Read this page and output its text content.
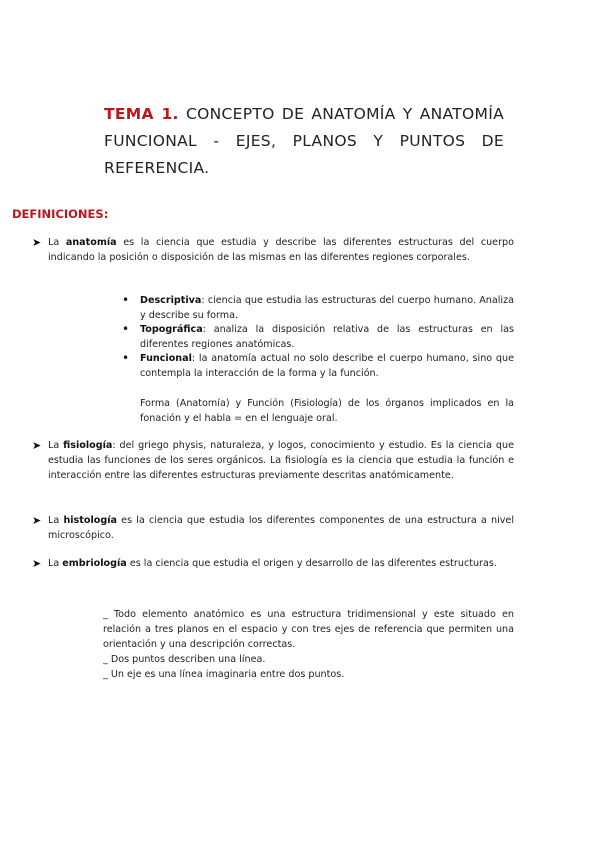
TEMA 1. CONCEPTO DE ANATOMÍA Y ANATOMÍA FUNCIONAL - EJES, PLANOS Y PUNTOS DE REFERENCIA.
DEFINICIONES:
➤ La anatomía es la ciencia que estudia y describe las diferentes estructuras del cuerpo indicando la posición o disposición de las mismas en las diferentes regiones corporales.
• Descriptiva: ciencia que estudia las estructuras del cuerpo humano. Analiza y describe su forma.
• Topográfica: analiza la disposición relativa de las estructuras en las diferentes regiones anatómicas.
• Funcional: la anatomía actual no solo describe el cuerpo humano, sino que contempla la interacción de la forma y la función.
Forma (Anatomía) y Función (Fisiología) de los órganos implicados en la fonación y el habla = en el lenguaje oral.
➤ La fisiología: del griego physis, naturaleza, y logos, conocimiento y estudio. Es la ciencia que estudia las funciones de los seres orgánicos. La fisiología es la ciencia que estudia la función e interacción entre las diferentes estructuras previamente descritas anatómicamente.
➤ La histología es la ciencia que estudia los diferentes componentes de una estructura a nivel microscópico.
➤ La embriología es la ciencia que estudia el origen y desarrollo de las diferentes estructuras.
_ Todo elemento anatómico es una estructura tridimensional y este situado en relación a tres planos en el espacio y con tres ejes de referencia que permiten una orientación y una descripción correctas.
_ Dos puntos describen una línea.
_ Un eje es una línea imaginaria entre dos puntos.
